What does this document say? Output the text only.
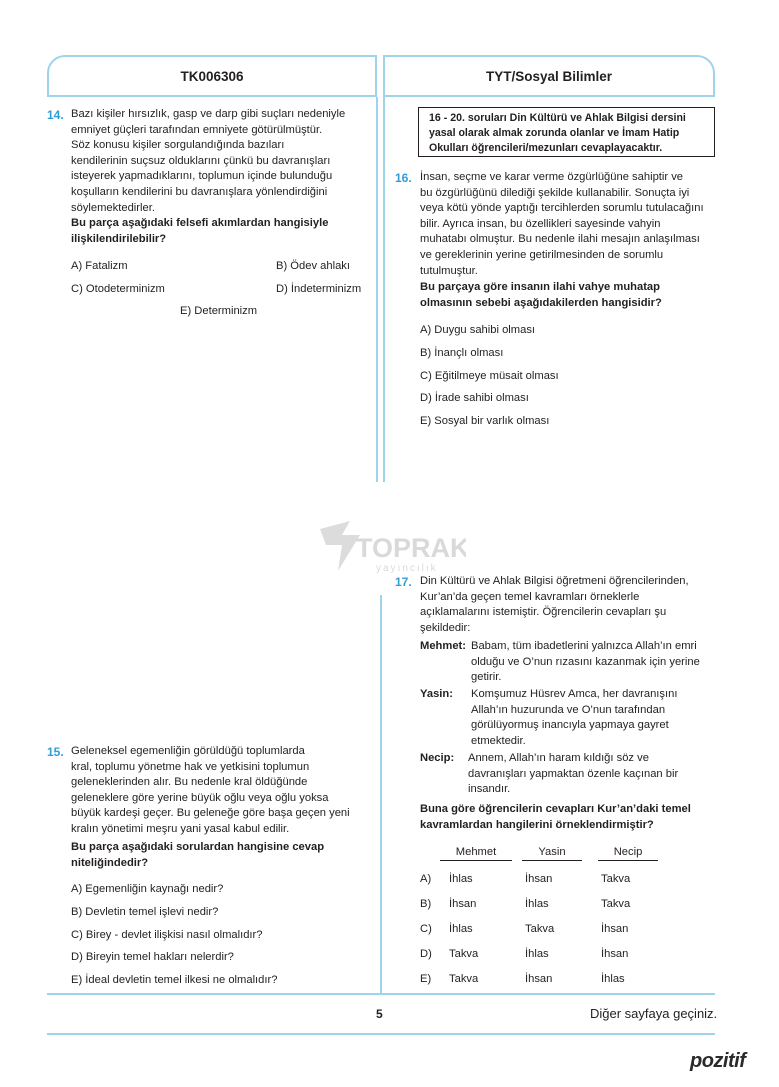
TK006306	TYT/Sosyal Bilimler
14. Bazı kişiler hırsızlık, gasp ve darp gibi suçları nedeniyle
emniyet güçleri tarafından emniyete götürülmüştür.
Söz konusu kişiler sorgulandığında bazıları
kendilerinin suçsuz olduklarını çünkü bu davranışları
isteyerek yapmadıklarını, toplumun içinde bulunduğu
koşulların kendilerini bu davranışlara yönlendirdiğini
söylemektedirler.
Bu parça aşağıdaki felsefi akımlardan hangisiyle
ilişkilendirilebilir?
A) Fatalizm	B) Ödev ahlakı
C) Otodeterminizm	D) İndeterminizm
E) Determinizm
16 - 20. soruları Din Kültürü ve Ahlak Bilgisi dersini
yasal olarak almak zorunda olanlar ve İmam Hatip
Okulları öğrencileri/mezunları cevaplayacaktır.
16. İnsan, seçme ve karar verme özgürlüğüne sahiptir ve
bu özgürlüğünü dilediği şekilde kullanabilir. Sonuçta iyi
veya kötü yönde yaptığı tercihlerden sorumlu tutulacağını
bilir. Ayrıca insan, bu özellikleri sayesinde vahyin
muhatabı olmuştur. Bu nedenle ilahi mesajın anlaşılması
ve gereklerinin yerine getirilmesinden de sorumlu
tutulmuştur.
Bu parçaya göre insanın ilahi vahye muhatap
olmasının sebebi aşağıdakilerden hangisidir?
A) Duygu sahibi olması
B) İnançlı olması
C) Eğitilmeye müsait olması
D) İrade sahibi olması
E) Sosyal bir varlık olması
TOPRAK
yayıncılık
15. Geleneksel egemenliğin görüldüğü toplumlarda
kral, toplumu yönetme hak ve yetkisini toplumun
geleneklerinden alır. Bu nedenle kral öldüğünde
geleneklere göre yerine büyük oğlu veya oğlu yoksa
büyük kardeşi geçer. Bu geleneğe göre başa geçen yeni
kralın yönetimi meşru yani yasal kabul edilir.
Bu parça aşağıdaki sorulardan hangisine cevap
niteliğindedir?
A) Egemenliğin kaynağı nedir?
B) Devletin temel işlevi nedir?
C) Birey - devlet ilişkisi nasıl olmalıdır?
D) Bireyin temel hakları nelerdir?
E) İdeal devletin temel ilkesi ne olmalıdır?
17. Din Kültürü ve Ahlak Bilgisi öğretmeni öğrencilerinden,
Kur’an’da geçen temel kavramları örneklerle
açıklamalarını istemiştir. Öğrencilerin cevapları şu
şekildedir:
Mehmet: Babam, tüm ibadetlerini yalnızca Allah’ın emri
olduğu ve O’nun rızasını kazanmak için yerine
getirir.
Yasin: Komşumuz Hüsrev Amca, her davranışını
Allah’ın huzurunda ve O’nun tarafından
görülüyormuş inancıyla yapmaya gayret
etmektedir.
Necip: Annem, Allah’ın haram kıldığı söz ve
davranışları yapmaktan özenle kaçınan bir
insandır.
Buna göre öğrencilerin cevapları Kur’an’daki temel
kavramlardan hangilerini örneklendirmiştir?
Mehmet	Yasin	Necip
A) İhlas	İhsan	Takva
B) İhsan	İhlas	Takva
C) İhlas	Takva	İhsan
D) Takva	İhlas	İhsan
E) Takva	İhsan	İhlas
5	Diğer sayfaya geçiniz.
pozitif
